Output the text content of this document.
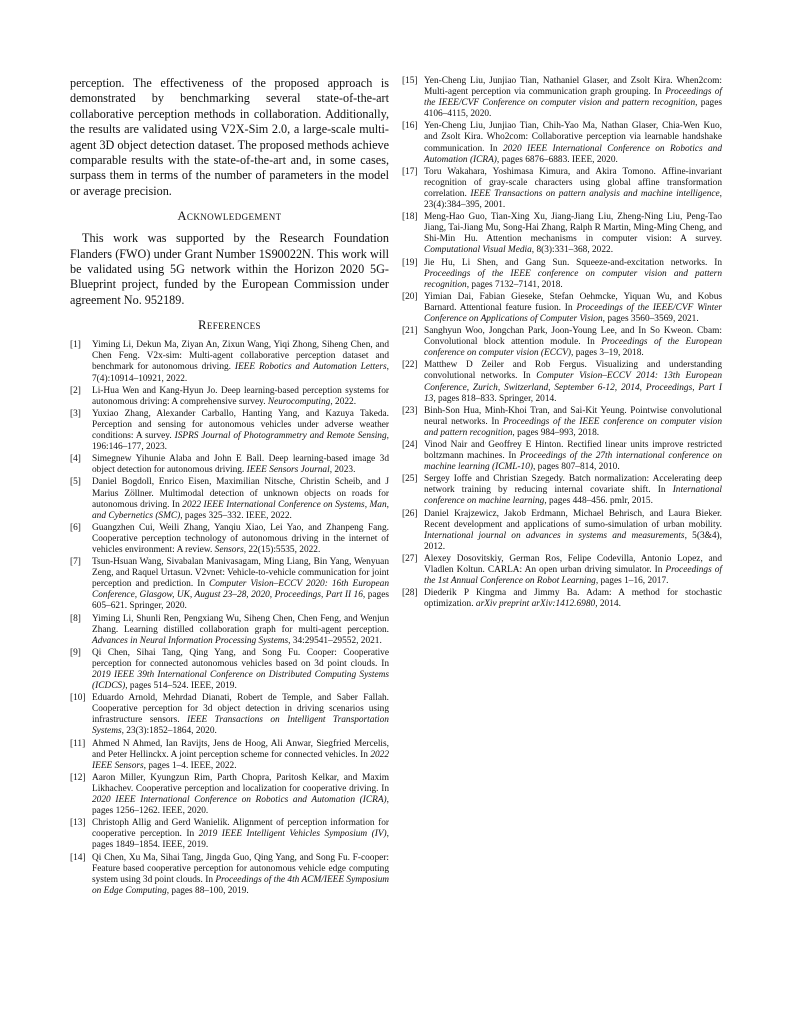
perception. The effectiveness of the proposed approach is demonstrated by benchmarking several state-of-the-art collaborative perception methods in collaboration. Additionally, the results are validated using V2X-Sim 2.0, a large-scale multi-agent 3D object detection dataset. The proposed methods achieve comparable results with the state-of-the-art and, in some cases, surpass them in terms of the number of parameters in the model or average precision.

Acknowledgement

This work was supported by the Research Foundation Flanders (FWO) under Grant Number 1S90022N. This work will be validated using 5G network within the Horizon 2020 5G-Blueprint project, funded by the European Commission under agreement No. 952189.

References
[1]	Yiming Li, Dekun Ma, Ziyan An, Zixun Wang, Yiqi Zhong, Siheng Chen, and Chen Feng. V2x-sim: Multi-agent collaborative perception dataset and benchmark for autonomous driving. IEEE Robotics and Automation Letters, 7(4):10914–10921, 2022.
[2]	Li-Hua Wen and Kang-Hyun Jo. Deep learning-based perception systems for autonomous driving: A comprehensive survey. Neurocomputing, 2022.
[3]	Yuxiao Zhang, Alexander Carballo, Hanting Yang, and Kazuya Takeda. Perception and sensing for autonomous vehicles under adverse weather conditions: A survey. ISPRS Journal of Photogrammetry and Remote Sensing, 196:146–177, 2023.
[4]	Simegnew Yihunie Alaba and John E Ball. Deep learning-based image 3d object detection for autonomous driving. IEEE Sensors Journal, 2023.
[5]	Daniel Bogdoll, Enrico Eisen, Maximilian Nitsche, Christin Scheib, and J Marius Zöllner. Multimodal detection of unknown objects on roads for autonomous driving. In 2022 IEEE International Conference on Systems, Man, and Cybernetics (SMC), pages 325–332. IEEE, 2022.
[6]	Guangzhen Cui, Weili Zhang, Yanqiu Xiao, Lei Yao, and Zhanpeng Fang. Cooperative perception technology of autonomous driving in the internet of vehicles environment: A review. Sensors, 22(15):5535, 2022.
[7]	Tsun-Hsuan Wang, Sivabalan Manivasagam, Ming Liang, Bin Yang, Wenyuan Zeng, and Raquel Urtasun. V2vnet: Vehicle-to-vehicle communication for joint perception and prediction. In Computer Vision–ECCV 2020: 16th European Conference, Glasgow, UK, August 23–28, 2020, Proceedings, Part II 16, pages 605–621. Springer, 2020.
[8]	Yiming Li, Shunli Ren, Pengxiang Wu, Siheng Chen, Chen Feng, and Wenjun Zhang. Learning distilled collaboration graph for multi-agent perception. Advances in Neural Information Processing Systems, 34:29541–29552, 2021.
[9]	Qi Chen, Sihai Tang, Qing Yang, and Song Fu. Cooper: Cooperative perception for connected autonomous vehicles based on 3d point clouds. In 2019 IEEE 39th International Conference on Distributed Computing Systems (ICDCS), pages 514–524. IEEE, 2019.
[10] Eduardo Arnold, Mehrdad Dianati, Robert de Temple, and Saber Fallah. Cooperative perception for 3d object detection in driving scenarios using infrastructure sensors. IEEE Transactions on Intelligent Transportation Systems, 23(3):1852–1864, 2020.
[11] Ahmed N Ahmed, Ian Ravijts, Jens de Hoog, Ali Anwar, Siegfried Mercelis, and Peter Hellinckx. A joint perception scheme for connected vehicles. In 2022 IEEE Sensors, pages 1–4. IEEE, 2022.
[12] Aaron Miller, Kyungzun Rim, Parth Chopra, Paritosh Kelkar, and Maxim Likhachev. Cooperative perception and localization for cooperative driving. In 2020 IEEE International Conference on Robotics and Automation (ICRA), pages 1256–1262. IEEE, 2020.
[13] Christoph Allig and Gerd Wanielik. Alignment of perception information for cooperative perception. In 2019 IEEE Intelligent Vehicles Symposium (IV), pages 1849–1854. IEEE, 2019.
[14] Qi Chen, Xu Ma, Sihai Tang, Jingda Guo, Qing Yang, and Song Fu. F-cooper: Feature based cooperative perception for autonomous vehicle edge computing system using 3d point clouds. In Proceedings of the 4th ACM/IEEE Symposium on Edge Computing, pages 88–100, 2019.
[15] Yen-Cheng Liu, Junjiao Tian, Nathaniel Glaser, and Zsolt Kira. When2com: Multi-agent perception via communication graph grouping. In Proceedings of the IEEE/CVF Conference on computer vision and pattern recognition, pages 4106–4115, 2020.
[16] Yen-Cheng Liu, Junjiao Tian, Chih-Yao Ma, Nathan Glaser, Chia-Wen Kuo, and Zsolt Kira. Who2com: Collaborative perception via learnable handshake communication. In 2020 IEEE International Conference on Robotics and Automation (ICRA), pages 6876–6883. IEEE, 2020.
[17] Toru Wakahara, Yoshimasa Kimura, and Akira Tomono. Affine-invariant recognition of gray-scale characters using global affine transformation correlation. IEEE Transactions on pattern analysis and machine intelligence, 23(4):384–395, 2001.
[18] Meng-Hao Guo, Tian-Xing Xu, Jiang-Jiang Liu, Zheng-Ning Liu, Peng-Tao Jiang, Tai-Jiang Mu, Song-Hai Zhang, Ralph R Martin, Ming-Ming Cheng, and Shi-Min Hu. Attention mechanisms in computer vision: A survey. Computational Visual Media, 8(3):331–368, 2022.
[19] Jie Hu, Li Shen, and Gang Sun. Squeeze-and-excitation networks. In Proceedings of the IEEE conference on computer vision and pattern recognition, pages 7132–7141, 2018.
[20] Yimian Dai, Fabian Gieseke, Stefan Oehmcke, Yiquan Wu, and Kobus Barnard. Attentional feature fusion. In Proceedings of the IEEE/CVF Winter Conference on Applications of Computer Vision, pages 3560–3569, 2021.
[21] Sanghyun Woo, Jongchan Park, Joon-Young Lee, and In So Kweon. Cbam: Convolutional block attention module. In Proceedings of the European conference on computer vision (ECCV), pages 3–19, 2018.
[22] Matthew D Zeiler and Rob Fergus. Visualizing and understanding convolutional networks. In Computer Vision–ECCV 2014: 13th European Conference, Zurich, Switzerland, September 6-12, 2014, Proceedings, Part I 13, pages 818–833. Springer, 2014.
[23] Binh-Son Hua, Minh-Khoi Tran, and Sai-Kit Yeung. Pointwise convolutional neural networks. In Proceedings of the IEEE conference on computer vision and pattern recognition, pages 984–993, 2018.
[24] Vinod Nair and Geoffrey E Hinton. Rectified linear units improve restricted boltzmann machines. In Proceedings of the 27th international conference on machine learning (ICML-10), pages 807–814, 2010.
[25] Sergey Ioffe and Christian Szegedy. Batch normalization: Accelerating deep network training by reducing internal covariate shift. In International conference on machine learning, pages 448–456. pmlr, 2015.
[26] Daniel Krajzewicz, Jakob Erdmann, Michael Behrisch, and Laura Bieker. Recent development and applications of sumo-simulation of urban mobility. International journal on advances in systems and measurements, 5(3&4), 2012.
[27] Alexey Dosovitskiy, German Ros, Felipe Codevilla, Antonio Lopez, and Vladlen Koltun. CARLA: An open urban driving simulator. In Proceedings of the 1st Annual Conference on Robot Learning, pages 1–16, 2017.
[28] Diederik P Kingma and Jimmy Ba. Adam: A method for stochastic optimization. arXiv preprint arXiv:1412.6980, 2014.
